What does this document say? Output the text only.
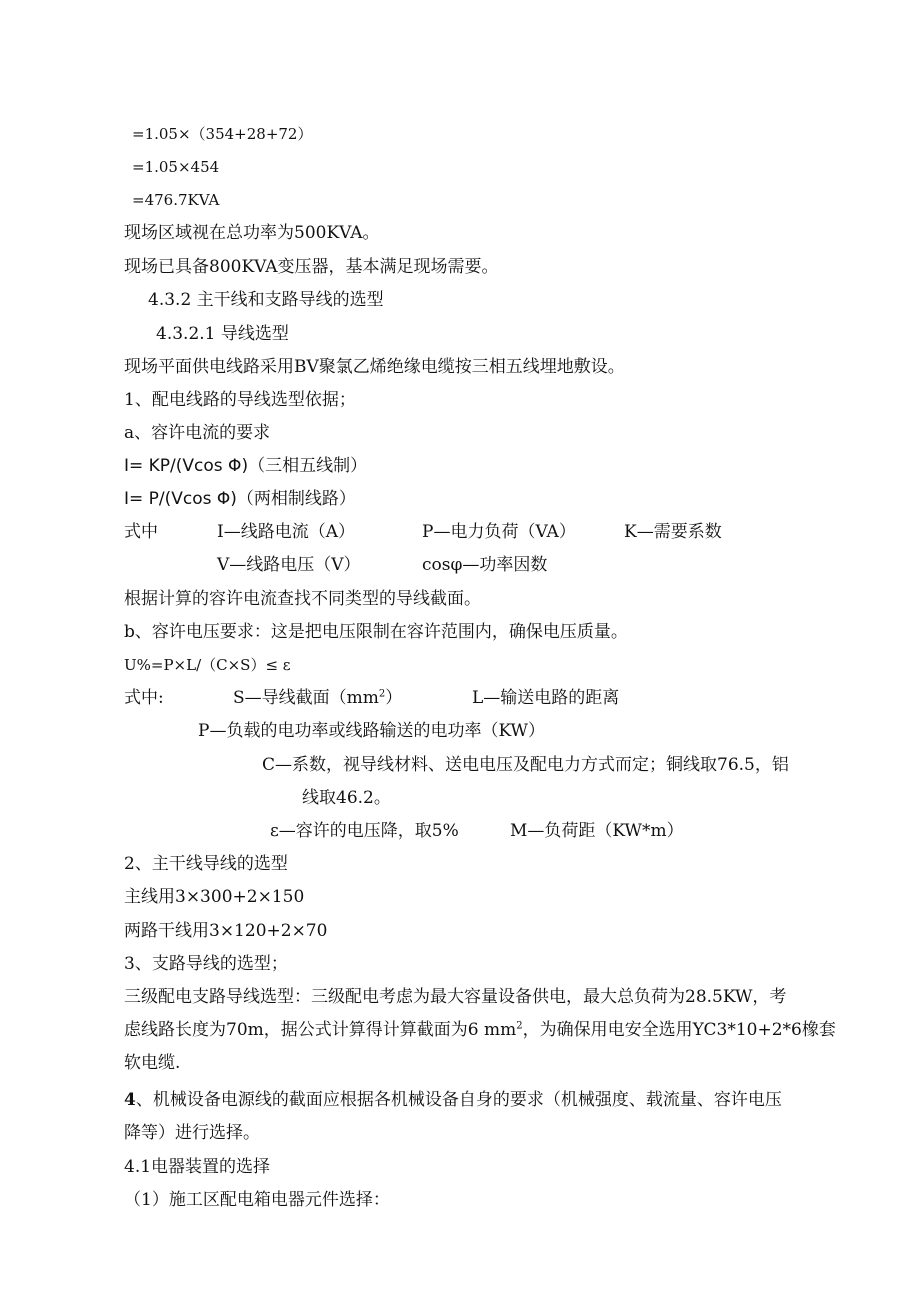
=1.05×（354+28+72）
=1.05×454
=476.7KVA
现场区域视在总功率为500KVA。
现场已具备800KVA变压器，基本满足现场需要。
4.3.2 主干线和支路导线的选型
4.3.2.1 导线选型
现场平面供电线路采用BV聚氯乙烯绝缘电缆按三相五线埋地敷设。
1、配电线路的导线选型依据；
a、容许电流的要求
I= KP/(Vcos Φ)（三相五线制）
I= P/(Vcos Φ)（两相制线路）
式中	I—线路电流（A）	P—电力负荷（VA）	K—需要系数
V—线路电压（V）	cosφ—功率因数
根据计算的容许电流查找不同类型的导线截面。
b、容许电压要求：这是把电压限制在容许范围内，确保电压质量。
U%=P×L/（C×S）≤ ε
式中:	S—导线截面$(mm^2)$	L—输送电路的距离
P—负载的电功率或线路输送的电功率（KW）
C—系数，视导线材料、送电电压及配电力方式而定；铜线取76.5，铝
线取46.2。
ε—容许的电压降，取5%	M—负荷距（KW*m）
2、主干线导线的选型
主线用3×300+2×150
两路干线用3×120+2×70
3、支路导线的选型；
三级配电支路导线选型：三级配电考虑为最大容量设备供电，最大总负荷为28.5KW，考
虑线路长度为70m，据公式计算得计算截面为6 $mm^2$，为确保用电安全选用YC3*10+2*6橡套
软电缆.
4、机械设备电源线的截面应根据各机械设备自身的要求（机械强度、载流量、容许电压
降等）进行选择。
4.1电器装置的选择
（1）施工区配电箱电器元件选择：
